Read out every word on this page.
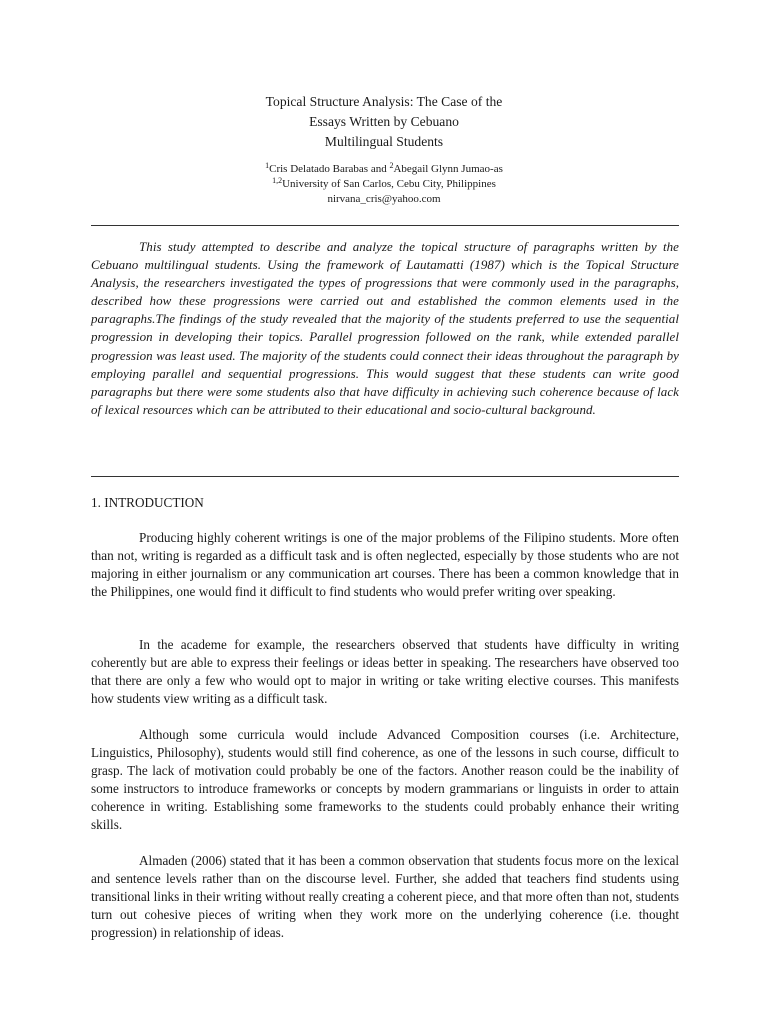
Topical Structure Analysis: The Case of the
Essays Written by Cebuano
Multilingual Students
$^1$Cris Delatado Barabas and $^2$Abegail Glynn Jumao-as
$^{1,2}$University of San Carlos, Cebu City, Philippines
nirvana_cris@yahoo.com

This study attempted to describe and analyze the topical structure of paragraphs written by the Cebuano multilingual students. Using the framework of Lautamatti (1987) which is the Topical Structure Analysis, the researchers investigated the types of progressions that were commonly used in the paragraphs, described how these progressions were carried out and established the common elements used in the paragraphs.The findings of the study revealed that the majority of the students preferred to use the sequential progression in developing their topics. Parallel progression followed on the rank, while extended parallel progression was least used. The majority of the students could connect their ideas throughout the paragraph by employing parallel and sequential progressions. This would suggest that these students can write good paragraphs but there were some students also that have difficulty in achieving such coherence because of lack of lexical resources which can be attributed to their educational and socio-cultural background.

1. INTRODUCTION

Producing highly coherent writings is one of the major problems of the Filipino students. More often than not, writing is regarded as a difficult task and is often neglected, especially by those students who are not majoring in either journalism or any communication art courses. There has been a common knowledge that in the Philippines, one would find it difficult to find students who would prefer writing over speaking.

In the academe for example, the researchers observed that students have difficulty in writing coherently but are able to express their feelings or ideas better in speaking. The researchers have observed too that there are only a few who would opt to major in writing or take writing elective courses. This manifests how students view writing as a difficult task.

Although some curricula would include Advanced Composition courses (i.e. Architecture, Linguistics, Philosophy), students would still find coherence, as one of the lessons in such course, difficult to grasp. The lack of motivation could probably be one of the factors. Another reason could be the inability of some instructors to introduce frameworks or concepts by modern grammarians or linguists in order to attain coherence in writing. Establishing some frameworks to the students could probably enhance their writing skills.

Almaden (2006) stated that it has been a common observation that students focus more on the lexical and sentence levels rather than on the discourse level. Further, she added that teachers find students using transitional links in their writing without really creating a coherent piece, and that more often than not, students turn out cohesive pieces of writing when they work more on the underlying coherence (i.e. thought progression) in relationship of ideas.
